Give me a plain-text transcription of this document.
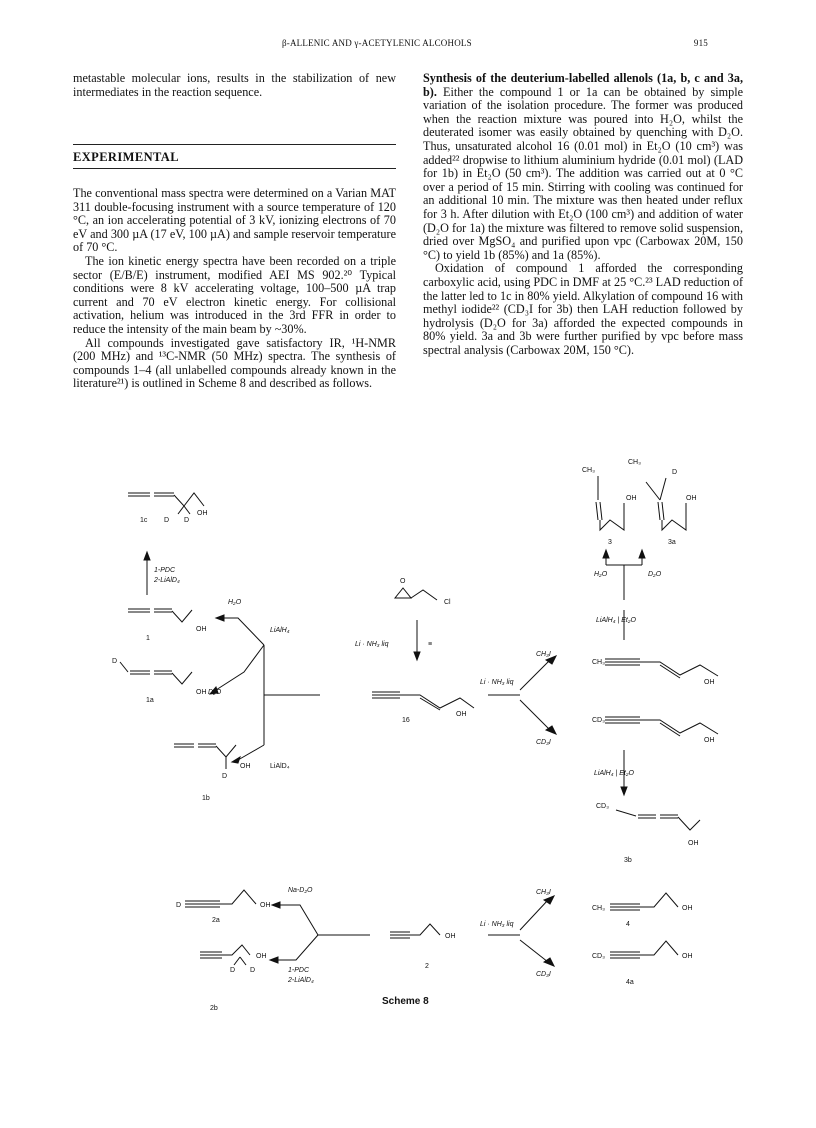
β-ALLENIC AND γ-ACETYLENIC ALCOHOLS	915

metastable molecular ions, results in the stabilization of new intermediates in the reaction sequence.

EXPERIMENTAL

The conventional mass spectra were determined on a Varian MAT 311 double-focusing instrument with a source temperature of 120 °C, an ion accelerating potential of 3 kV, ionizing electrons of 70 eV and 300 µA (17 eV, 100 µA) and sample reservoir temperature of 70 °C.

The ion kinetic energy spectra have been recorded on a triple sector (E/B/E) instrument, modified AEI MS 902.²⁰ Typical conditions were 8 kV accelerating voltage, 100–500 µA trap current and 70 eV electron kinetic energy. For collisional activation, helium was introduced in the 3rd FFR in order to reduce the intensity of the main beam by ~30%.

All compounds investigated gave satisfactory IR, ¹H-NMR (200 MHz) and ¹³C-NMR (50 MHz) spectra. The synthesis of compounds 1–4 (all unlabelled compounds already known in the literature²¹) is outlined in Scheme 8 and described as follows.

Synthesis of the deuterium-labelled allenols (1a, b, c and 3a, b). Either the compound 1 or 1a can be obtained by simple variation of the isolation procedure. The former was produced when the reaction mixture was poured into H₂O, whilst the deuterated isomer was easily obtained by quenching with D₂O. Thus, unsaturated alcohol 16 (0.01 mol) in Et₂O (10 cm³) was added²² dropwise to lithium aluminium hydride (0.01 mol) (LAD for 1b) in Et₂O (50 cm³). The addition was carried out at 0 °C over a period of 15 min. Stirring with cooling was continued for an additional 10 min. The mixture was then heated under reflux for 3 h. After dilution with Et₂O (100 cm³) and addition of water (D₂O for 1a) the mixture was filtered to remove solid suspension, dried over MgSO₄ and purified upon vpc (Carbowax 20M, 150 °C) to yield 1b (85%) and 1a (85%).

Oxidation of compound 1 afforded the corresponding carboxylic acid, using PDC in DMF at 25 °C.²³ LAD reduction of the latter led to 1c in 80% yield. Alkylation of compound 16 with methyl iodide²² (CD₃I for 3b) then LAH reduction followed by hydrolysis (D₂O for 3a) afforded the expected compounds in 80% yield. 3a and 3b were further purified by vpc before mass spectral analysis (Carbowax 20M, 150 °C).

OH
D D
1c
1-PDC
2-LiAlD₄
OH
1
D
OH
1a
H₂O
D₂O
LiAlH₄
LiAlD₄
OH
D
1b
O
Cl
Li · NH₃ liq	≡
OH
16
CH₃I
CD₃I
Li · NH₃ liq
CH₃
OH
CD₃
OH
LiAlH₄ | Et₂O
CD₃
OH
3b
CH₃
OH
3
CH₃
D
OH
3a
H₂O	D₂O
LiAlH₄ | Et₂O
D	OH
2a
OH
D D
2b
Na-D₂O
1-PDC
2-LiAlD₄
OH
2
CH₃I
CD₃I
Li · NH₃ liq
CH₃	OH
4
CD₃	OH
4a
Scheme 8
